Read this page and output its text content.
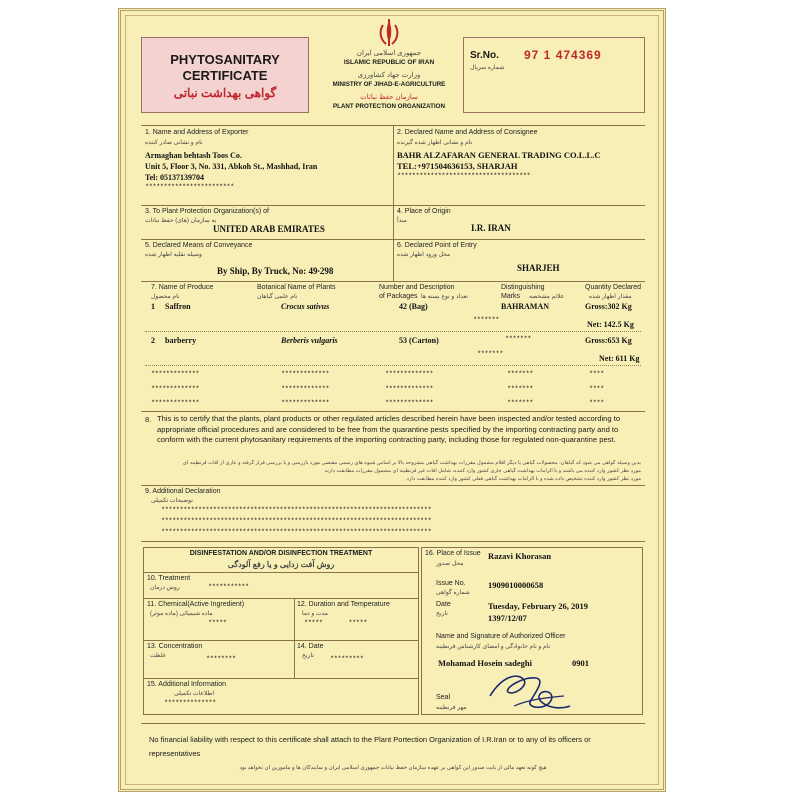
PHYTOSANITARY
CERTIFICATE
گواهی بهداشت نباتی
جمهوری اسلامی ایران
ISLAMIC REPUBLIC OF IRAN
وزارت جهاد کشاورزی
MINISTRY OF JIHAD-E-AGRICULTURE
سازمان حفظ نباتات
PLANT PROTECTION ORGANIZATION
Sr.No.
شماره سریال
97 1 474369
1. Name and Address of Exporter
نام و نشانی صادر کننده
Armaghan behtash Toos Co.
Unit 5, Floor 3, No. 331, Abkoh St., Mashhad, Iran
Tel: 05137139704
************************
2. Declared Name and Address of Consignee
نام و نشانی اظهار شده گیرنده
BAHR ALZAFARAN GENERAL TRADING CO.L.L.C
TEL:+971504636153, SHARJAH
************************************
3. To Plant Protection Organization(s) of
به سازمان (های) حفظ نباتات
UNITED ARAB EMIRATES
4. Place of Origin
مبدأ
I.R. IRAN
5. Declared Means of Conveyance
وسیله نقلیه اظهار شده
By Ship, By Truck, No: 49⸱298
6. Declared Point of Entry
محل ورود اظهار شده
SHARJEH
7. Name of Produce
نام محصول
Botanical Name of Plants
نام علمی گیاهان
Number and Description
of Packages تعداد و نوع بسته ها
Distinguishing
Marks علائم مشخصه
Quantity Declared
مقدار اظهار شده
1 Saffron	Crocus sativus	42 (Bag)	BAHRAMAN	Gross:302 Kg
*******	Net: 142.5 Kg
2 barberry	Berberis vulgaris	53 (Carton)	*******	Gross:653 Kg
*******	Net: 611 Kg
*************	*************	*************	*******	****
*************	*************	*************	*******	****
*************	*************	*************	*******	****
8. This is to certify that the plants, plant products or other regulated articles described herein have been inspected and/or tested according to appropriate official procedures and are considered to be free from the quarantine pests specified by the importing contracting party and to conform with the current phytosanitary requirements of the importing contracting party, including those for regulated non-quarantine pest.
بدین وسیله گواهی می شود که گیاهان، محصولات گیاهی یا دیگر اقلام مشمول مقررات بهداشت گیاهی مشروحه بالا بر اساس شیوه های رسمی مقتضی مورد بازرسی و یا بررسی قرار گرفته و عاری از آفات قرنطینه ای
مورد نظر کشور وارد کننده می باشند و با الزامات بهداشت گیاهی جاری کشور وارد کننده، شامل آفات غیر قرنطینه ای مشمول مقررات مطابقت دارند
مورد نظر کشور وارد کننده تشخیص داده شده و با الزامات بهداشت گیاهی فعلی کشور وارد کننده مطابقت دارد
9. Additional Declaration
توضیحات تکمیلی
*************************************************************************
*************************************************************************
*************************************************************************
DISINFESTATION AND/OR DISINFECTION TREATMENT
روش آفت زدایی و یا رفع آلودگی
10. Treatment
روش درمان	***********
11. Chemical(Active Ingredient)
ماده شیمیائی (ماده موثر)
*****
12. Duration and Temperature
مدت و دما
*****       *****
13. Concentration
غلظت	********
14. Date
تاریخ *********
15. Additional Information
اطلاعات تکمیلی
**************
16. Place of Issue
محل صدور
Razavi Khorasan
Issue No.
شماره گواهی
1909010000658
Date
تاریخ
Tuesday, February 26, 2019
1397/12/07
Name and Signature of Authorized Officer
نام و نام خانوادگی و امضای کارشناس قرنطینه
Mohamad Hosein sadeghi	0901
Seal
مهر قرنطینه
No financial liability with respect to this certificate shall attach to the Plant Portection Organization of I.R.Iran or to any of its officers or representatives
هیچ گونه تعهد مالی از بابت صدور این گواهی بر عهده سازمان حفظ نباتات جمهوری اسلامی ایران و نمایندگان ها و مأمورین آن نخواهد بود
